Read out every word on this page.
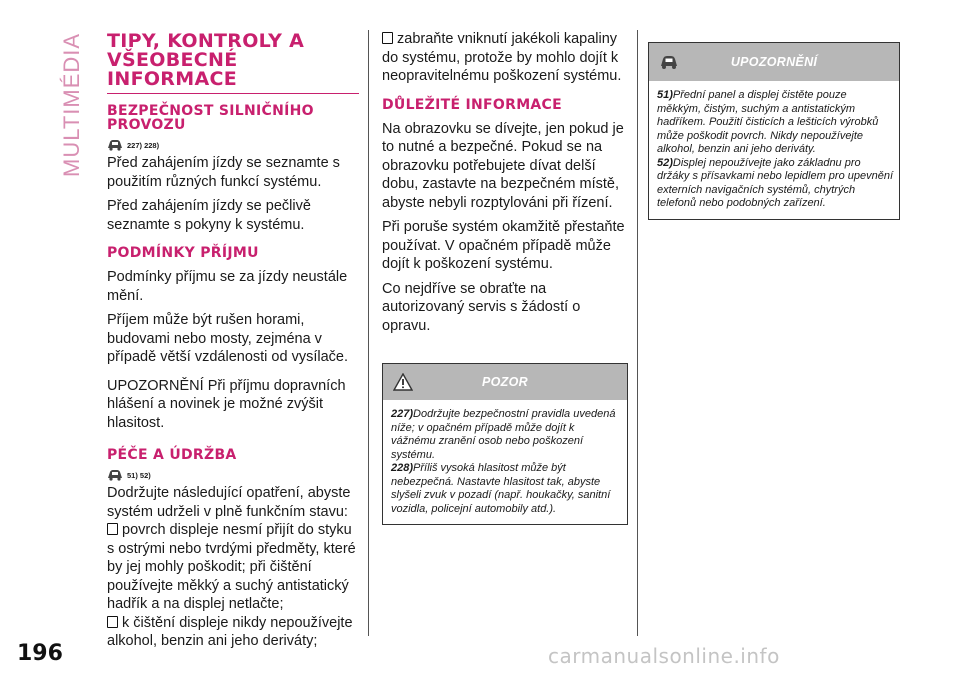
MULTIMÉDIA	TIPY, KONTROLY A VŠEOBECNÉ INFORMACE
BEZPEČNOST SILNIČNÍHO PROVOZU
227) 228)

Před zahájením jízdy se seznamte s použitím různých funkcí systému.

Před zahájením jízdy se pečlivě seznamte s pokyny k systému.

PODMÍNKY PŘÍJMU

Podmínky příjmu se za jízdy neustále mění.

Příjem může být rušen horami, budovami nebo mosty, zejména v případě větší vzdálenosti od vysílače.

UPOZORNĚNÍ Při příjmu dopravních hlášení a novinek je možné zvýšit hlasitost.

PÉČE A ÚDRŽBA
51) 52)

Dodržujte následující opatření, abyste systém udrželi v plně funkčním stavu:

povrch displeje nesmí přijít do styku s ostrými nebo tvrdými předměty, které by jej mohly poškodit; při čištění používejte měkký a suchý antistatický hadřík a na displej netlačte;
k čištění displeje nikdy nepoužívejte alkohol, benzin ani jeho deriváty;
zabraňte vniknutí jakékoli kapaliny do systému, protože by mohlo dojít k neopravitelnému poškození systému.
DŮLEŽITÉ INFORMACE

Na obrazovku se dívejte, jen pokud je to nutné a bezpečné. Pokud se na obrazovku potřebujete dívat delší dobu, zastavte na bezpečném místě, abyste nebyli rozptylováni při řízení.

Při poruše systém okamžitě přestaňte používat. V opačném případě může dojít k poškození systému.

Co nejdříve se obraťte na autorizovaný servis s žádostí o opravu.

POZOR
227)Dodržujte bezpečnostní pravidla uvedená níže; v opačném případě může dojít k vážnému zranění osob nebo poškození systému.
228)Příliš vysoká hlasitost může být nebezpečná. Nastavte hlasitost tak, abyste slyšeli zvuk v pozadí (např. houkačky, sanitní vozidla, policejní automobily atd.).
UPOZORNĚNÍ
51)Přední panel a displej čistěte pouze měkkým, čistým, suchým a antistatickým hadříkem. Použití čisticích a lešticích výrobků může poškodit povrch. Nikdy nepoužívejte alkohol, benzin ani jeho deriváty.
52)Displej nepoužívejte jako základnu pro držáky s přísavkami nebo lepidlem pro upevnění externích navigačních systémů, chytrých telefonů nebo podobných zařízení.
196	carmanualsonline.info
